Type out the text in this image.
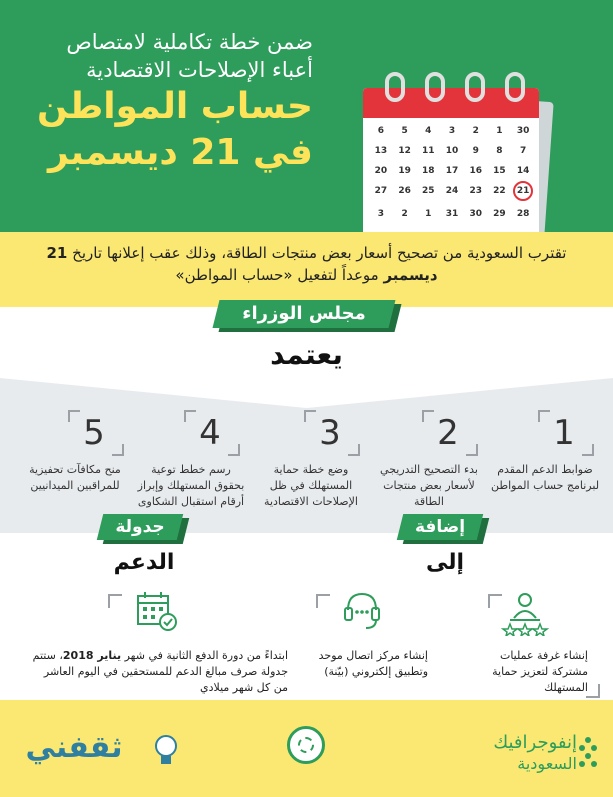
ضمن خطة تكاملية لامتصاص
أعباء الإصلاحات الاقتصادية
حساب المواطن
في 21 ديسمبر
30
1
2
3
4
5
6
7
8
9
10
11
12
13
14
15
16
17
18
19
20
21
22
23
24
25
26
27
28
29
30
31
1
2
3
تقترب السعودية من تصحيح أسعار بعض منتجات الطاقة، وذلك عقب إعلانها تاريخ 21 ديسمبر موعداً لتفعيل «حساب المواطن»
مجلس الوزراء
يعتمد
1
ضوابط الدعم المقدم لبرنامج حساب المواطن
2
بدء التصحيح التدريجي لأسعار بعض منتجات الطاقة
3
وضع خطة حماية المستهلك في ظل الإصلاحات الاقتصادية
4
رسم خطط توعية بحقوق المستهلك وإبراز أرقام استقبال الشكاوى
5
منح مكافآت تحفيزية للمراقبين الميدانيين
إضافة
إلى
جدولة
الدعم
إنشاء غرفة عمليات مشتركة لتعزيز حماية المستهلك
إنشاء مركز اتصال موحد وتطبيق إلكتروني (بيّنة)
ابتداءً من دورة الدفع الثانية في شهر يناير 2018، ستتم جدولة صرف مبالغ الدعم للمستحقين في اليوم العاشر من كل شهر ميلادي
إنفوجرافيك
السعودية
ثقفني
